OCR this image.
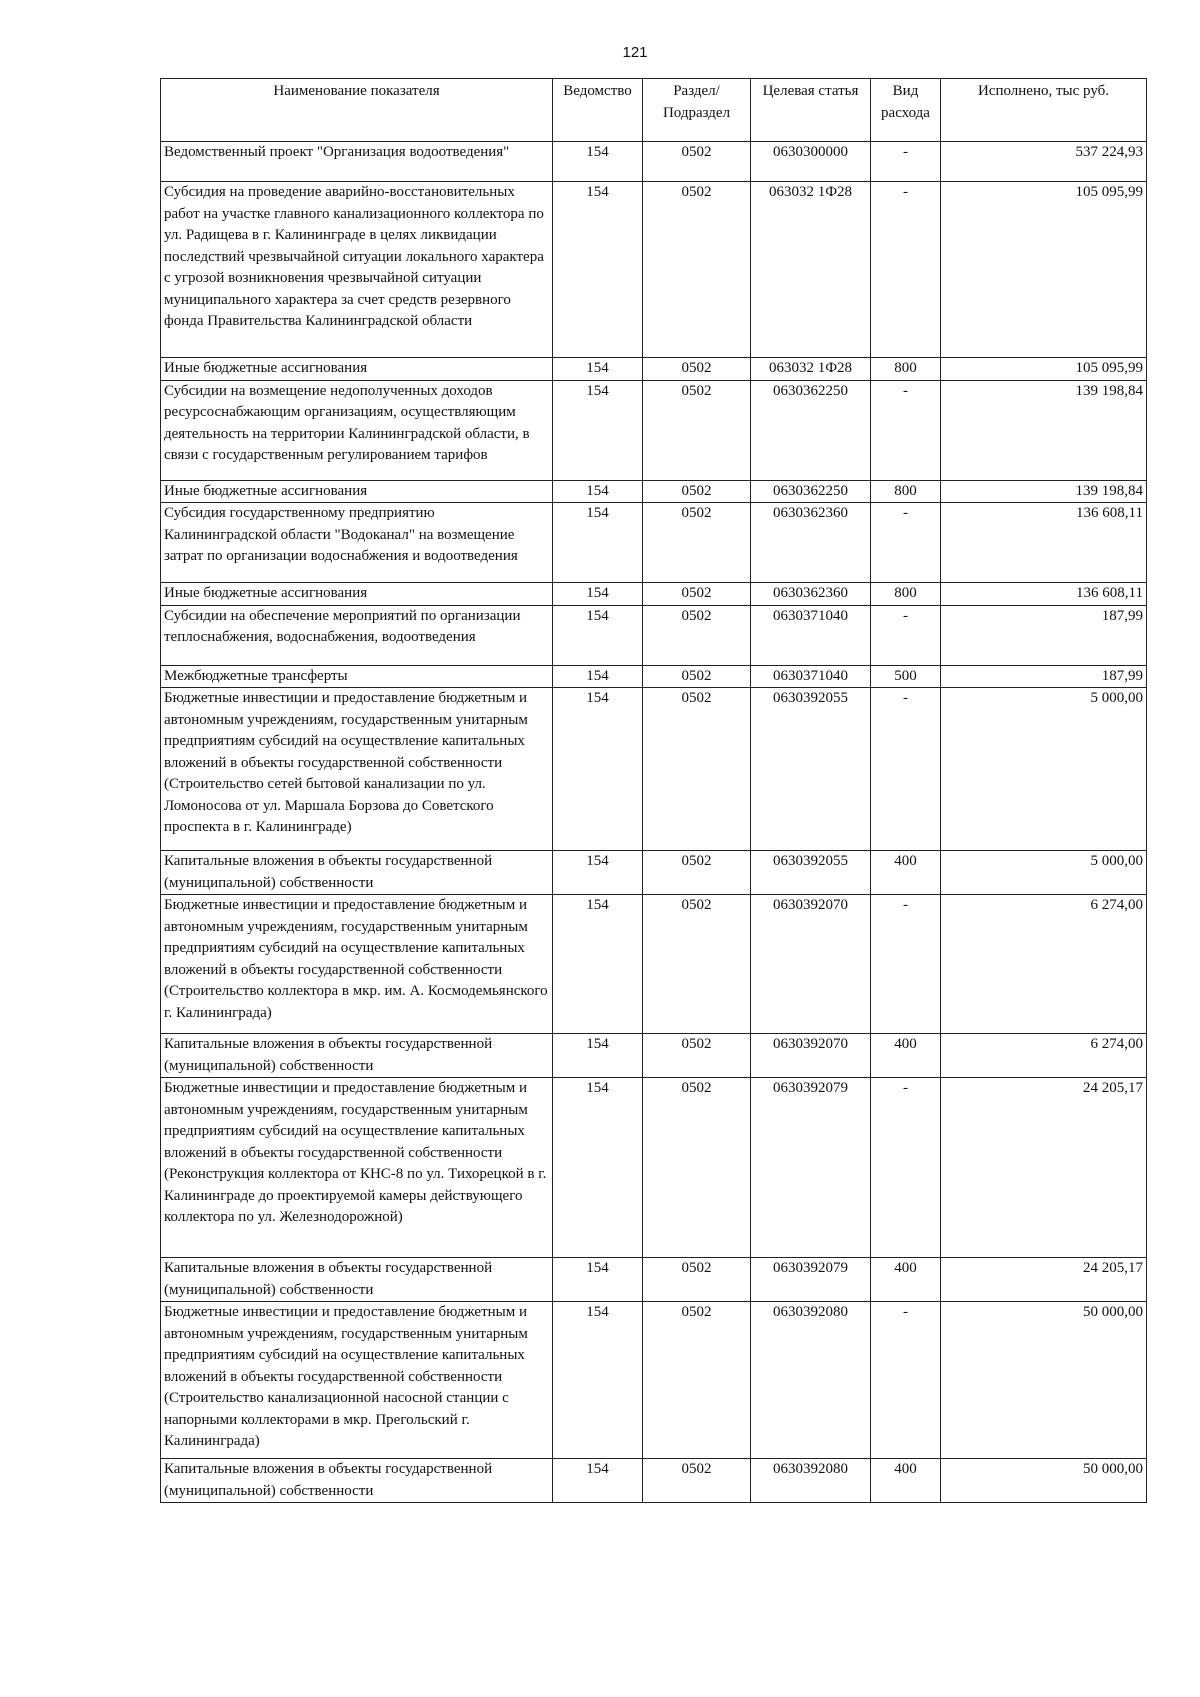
121
Наименование показателя	Ведомство	Раздел/ Подраздел	Целевая статья	Вид расхода	Исполнено, тыс руб.
Ведомственный проект "Организация водоотведения"	154	0502	0630300000	-	537 224,93
Субсидия на проведение аварийно-восстановительных работ на участке главного канализационного коллектора по ул. Радищева в г. Калининграде в целях ликвидации последствий чрезвычайной ситуации локального характера с угрозой возникновения чрезвычайной ситуации муниципального характера за счет средств резервного фонда Правительства Калининградской области	154	0502	063032 1Ф28	-	105 095,99
Иные бюджетные ассигнования	154	0502	063032 1Ф28	800	105 095,99
Субсидии на возмещение недополученных доходов ресурсоснабжающим организациям, осуществляющим деятельность на территории Калининградской области, в связи с государственным регулированием тарифов	154	0502	0630362250	-	139 198,84
Иные бюджетные ассигнования	154	0502	0630362250	800	139 198,84
Субсидия государственному предприятию Калининградской области "Водоканал" на возмещение затрат по организации водоснабжения и водоотведения	154	0502	0630362360	-	136 608,11
Иные бюджетные ассигнования	154	0502	0630362360	800	136 608,11
Субсидии на обеспечение мероприятий по организации теплоснабжения, водоснабжения, водоотведения	154	0502	0630371040	-	187,99
Межбюджетные трансферты	154	0502	0630371040	500	187,99
Бюджетные инвестиции и предоставление бюджетным и автономным учреждениям, государственным унитарным предприятиям субсидий на осуществление капитальных вложений в объекты государственной собственности (Строительство сетей бытовой канализации по ул. Ломоносова от ул. Маршала Борзова до Советского проспекта в г. Калининграде)	154	0502	0630392055	-	5 000,00
Капитальные вложения в объекты государственной (муниципальной) собственности	154	0502	0630392055	400	5 000,00
Бюджетные инвестиции и предоставление бюджетным и автономным учреждениям, государственным унитарным предприятиям субсидий на осуществление капитальных вложений в объекты государственной собственности (Строительство коллектора в мкр. им. А. Космодемьянского г. Калининграда)	154	0502	0630392070	-	6 274,00
Капитальные вложения в объекты государственной (муниципальной) собственности	154	0502	0630392070	400	6 274,00
Бюджетные инвестиции и предоставление бюджетным и автономным учреждениям, государственным унитарным предприятиям субсидий на осуществление капитальных вложений в объекты государственной собственности (Реконструкция коллектора от КНС-8 по ул. Тихорецкой в г. Калининграде до проектируемой камеры действующего коллектора по ул. Железнодорожной)	154	0502	0630392079	-	24 205,17
Капитальные вложения в объекты государственной (муниципальной) собственности	154	0502	0630392079	400	24 205,17
Бюджетные инвестиции и предоставление бюджетным и автономным учреждениям, государственным унитарным предприятиям субсидий на осуществление капитальных вложений в объекты государственной собственности (Строительство канализационной насосной станции с напорными коллекторами в мкр. Прегольский г. Калининграда)	154	0502	0630392080	-	50 000,00
Капитальные вложения в объекты государственной (муниципальной) собственности	154	0502	0630392080	400	50 000,00
